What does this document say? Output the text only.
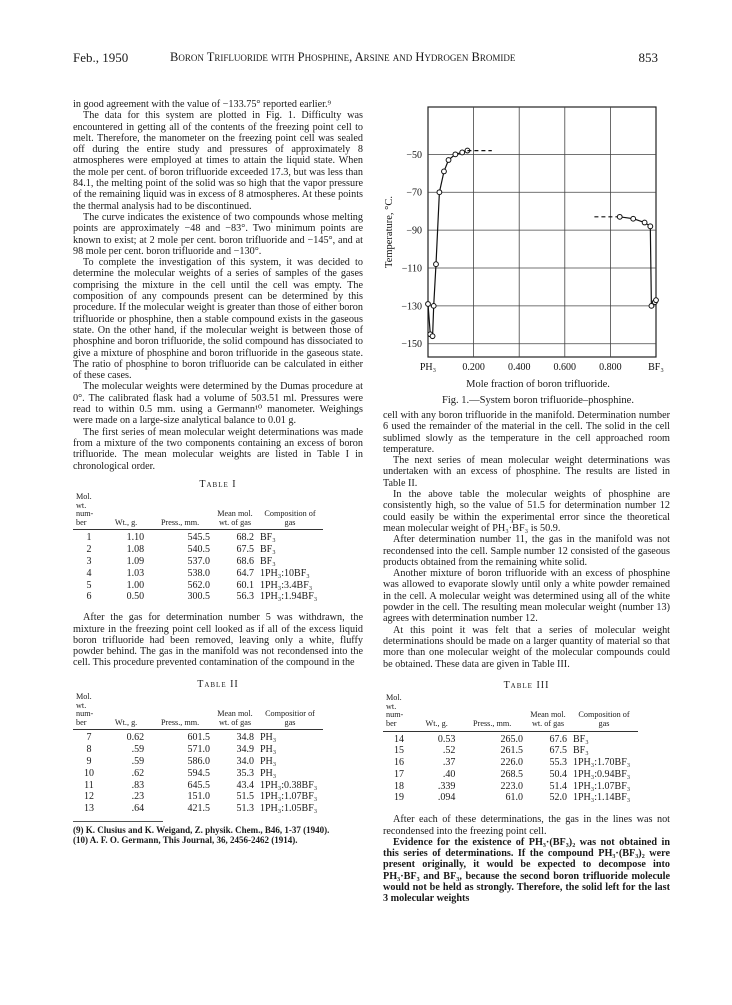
Feb., 1950	Boron Trifluoride with Phosphine, Arsine and Hydrogen Bromide	853

in good agreement with the value of −133.75° reported earlier.⁹

The data for this system are plotted in Fig. 1. Difficulty was encountered in getting all of the contents of the freezing point cell to melt. Therefore, the manometer on the freezing point cell was sealed off during the entire study and pressures of approximately 8 atmospheres were employed at times to attain the liquid state. When the mole per cent. of boron trifluoride exceeded 17.3, but was less than 84.1, the melting point of the solid was so high that the vapor pressure of the remaining liquid was in excess of 8 atmospheres. At these points the thermal analysis had to be discontinued.

The curve indicates the existence of two compounds whose melting points are approximately −48 and −83°. Two minimum points are known to exist; at 2 mole per cent. boron trifluoride and −145°, and at 98 mole per cent. boron trifluoride and −130°.

To complete the investigation of this system, it was decided to determine the molecular weights of a series of samples of the gases comprising the mixture in the cell until the cell was empty. The composition of any compounds present can be determined by this procedure. If the molecular weight is greater than those of either boron trifluoride or phosphine, then a stable compound exists in the gaseous state. On the other hand, if the molecular weight is between those of phosphine and boron trifluoride, the solid compound has dissociated to give a mixture of phosphine and boron trifluoride in the gaseous state. The ratio of phosphine to boron trifluoride can be calculated in either of these cases.

The molecular weights were determined by the Dumas procedure at 0°. The calibrated flask had a volume of 503.51 ml. Pressures were read to within 0.5 mm. using a Germann¹⁰ manometer. Weighings were made on a large-size analytical balance to 0.01 g.

The first series of mean molecular weight determinations was made from a mixture of the two components containing an excess of boron trifluoride. The mean molecular weights are listed in Table I in chronological order.

Table I
Mol. wt. num- ber	Wt., g.	Press., mm.	Mean mol. wt. of gas	Composition of gas
1	1.10	545.5	68.2	BF₃
2	1.08	540.5	67.5	BF₃
3	1.09	537.0	68.6	BF₃
4	1.03	538.0	64.7	1PH₃:10BF₃
5	1.00	562.0	60.1	1PH₃:3.4BF₃
6	0.50	300.5	56.3	1PH₃:1.94BF₃

After the gas for determination number 5 was withdrawn, the mixture in the freezing point cell looked as if all of the excess liquid boron trifluoride had been removed, leaving only a white, fluffy powder behind. The gas in the manifold was not recondensed into the cell. This procedure prevented contamination of the compound in the

Table II
Mol. wt. num- ber	Wt., g.	Press., mm.	Mean mol. wt. of gas	Compositior of gas
7	0.62	601.5	34.8	PH₃
8	.59	571.0	34.9	PH₃
9	.59	586.0	34.0	PH₃
10	.62	594.5	35.3	PH₃
11	.83	645.5	43.4	1PH₃:0.38BF₃
12	.23	151.0	51.5	1PH₃:1.07BF₃
13	.64	421.5	51.3	1PH₃:1.05BF₃

(9) K. Clusius and K. Weigand, Z. physik. Chem., B46, 1-37 (1940).

(10) A. F. O. Germann, This Journal, 36, 2456-2462 (1914).

PH₃	0.200 0.400 0.600 0.800	BF₃
−50
−70
−90
−110
−130
−150
Temperature, °C.
Mole fraction of boron trifluoride.
Fig. 1.—System boron trifluoride–phosphine.

cell with any boron trifluoride in the manifold. Determination number 6 used the remainder of the material in the cell. The solid in the cell sublimed slowly as the temperature in the cell approached room temperature.

The next series of mean molecular weight determinations was undertaken with an excess of phosphine. The results are listed in Table II.

In the above table the molecular weights of phosphine are consistently high, so the value of 51.5 for determination number 12 could easily be within the experimental error since the theoretical mean molecular weight of PH₃·BF₃ is 50.9.

After determination number 11, the gas in the manifold was not recondensed into the cell. Sample number 12 consisted of the gaseous products obtained from the remaining white solid.

Another mixture of boron trifluoride with an excess of phosphine was allowed to evaporate slowly until only a white powder remained in the cell. A molecular weight was determined using all of the white powder in the cell. The resulting mean molecular weight (number 13) agrees with determination number 12.

At this point it was felt that a series of molecular weight determinations should be made on a larger quantity of material so that more than one molecular weight of the molecular compounds could be obtained. These data are given in Table III.

Table III
Mol. wt. num- ber	Wt., g.	Press., mm.	Mean mol. wt. of gas	Composition of gas
14	0.53	265.0	67.6	BF₃
15	.52	261.5	67.5	BF₃
16	.37	226.0	55.3	1PH₃:1.70BF₃
17	.40	268.5	50.4	1PH₃:0.94BF₃
18	.339	223.0	51.4	1PH₃:1.07BF₃
19	.094	61.0	52.0	1PH₃:1.14BF₃

After each of these determinations, the gas in the lines was not recondensed into the freezing point cell.

Evidence for the existence of PH₃·(BF₃)₂ was not obtained in this series of determinations. If the compound PH₃·(BF₃)₂ were present originally, it would be expected to decompose into PH₃·BF₃ and BF₃, because the second boron trifluoride molecule would not be held as strongly. Therefore, the solid left for the last 3 molecular weights
